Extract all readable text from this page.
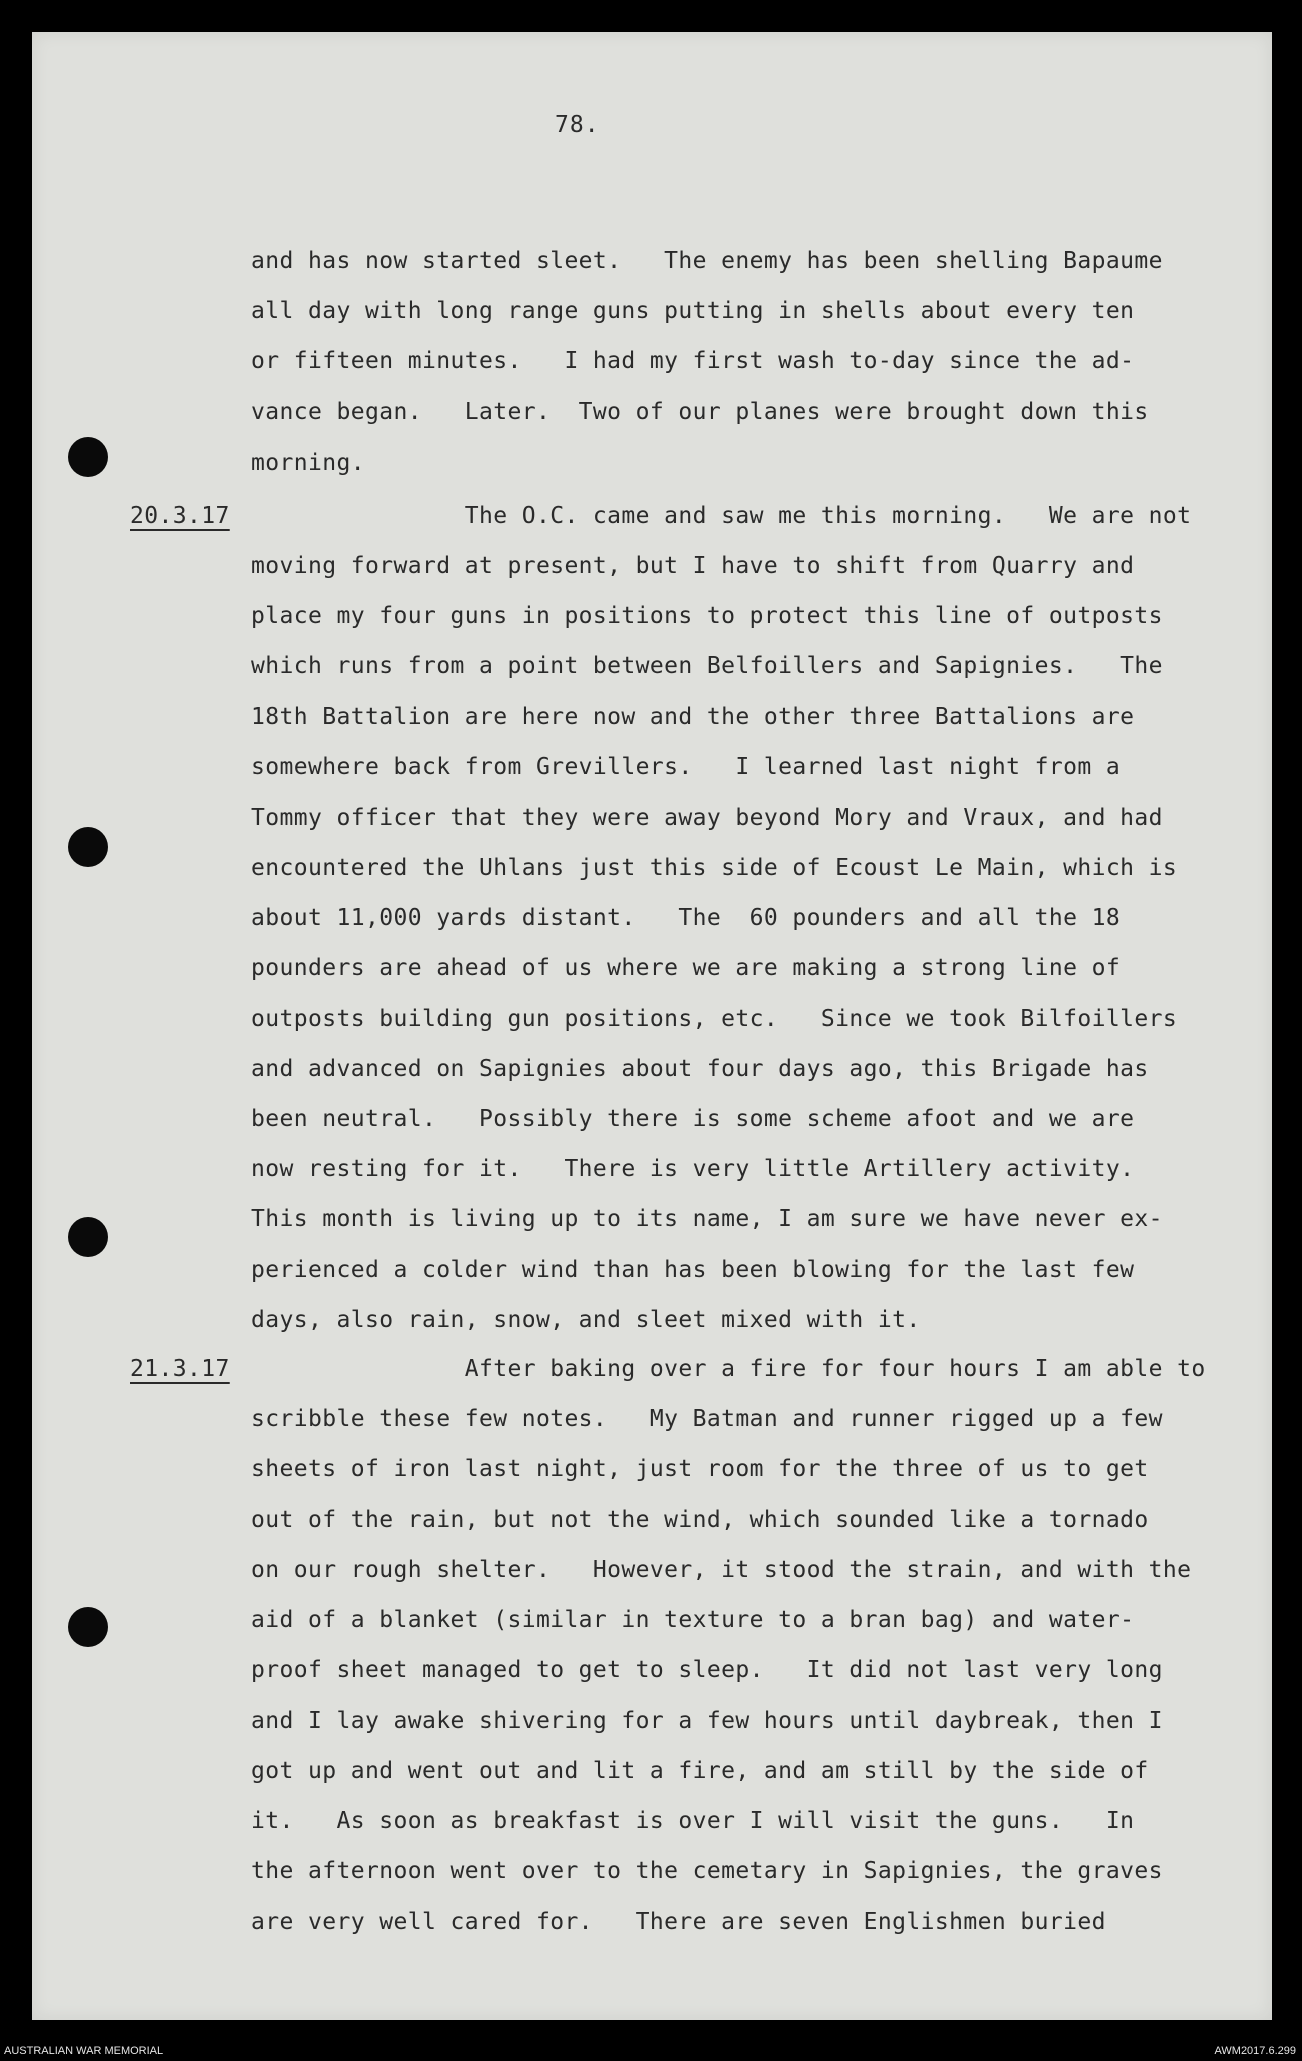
78.
20.3.17
21.3.17
and has now started sleet.   The enemy has been shelling Bapaume
all day with long range guns putting in shells about every ten
or fifteen minutes.   I had my first wash to-day since the ad-
vance began.   Later.  Two of our planes were brought down this
morning.
The O.C. came and saw me this morning.   We are not
moving forward at present, but I have to shift from Quarry and
place my four guns in positions to protect this line of outposts
which runs from a point between Belfoillers and Sapignies.   The
18th Battalion are here now and the other three Battalions are
somewhere back from Grevillers.   I learned last night from a
Tommy officer that they were away beyond Mory and Vraux, and had
encountered the Uhlans just this side of Ecoust Le Main, which is
about 11,000 yards distant.   The  60 pounders and all the 18
pounders are ahead of us where we are making a strong line of
outposts building gun positions, etc.   Since we took Bilfoillers
and advanced on Sapignies about four days ago, this Brigade has
been neutral.   Possibly there is some scheme afoot and we are
now resting for it.   There is very little Artillery activity.
This month is living up to its name, I am sure we have never ex-
perienced a colder wind than has been blowing for the last few
days, also rain, snow, and sleet mixed with it.
After baking over a fire for four hours I am able to
scribble these few notes.   My Batman and runner rigged up a few
sheets of iron last night, just room for the three of us to get
out of the rain, but not the wind, which sounded like a tornado
on our rough shelter.   However, it stood the strain, and with the
aid of a blanket (similar in texture to a bran bag) and water-
proof sheet managed to get to sleep.   It did not last very long
and I lay awake shivering for a few hours until daybreak, then I
got up and went out and lit a fire, and am still by the side of
it.   As soon as breakfast is over I will visit the guns.   In
the afternoon went over to the cemetary in Sapignies, the graves
are very well cared for.   There are seven Englishmen buried
AUSTRALIAN WAR MEMORIAL	AWM2017.6.299
